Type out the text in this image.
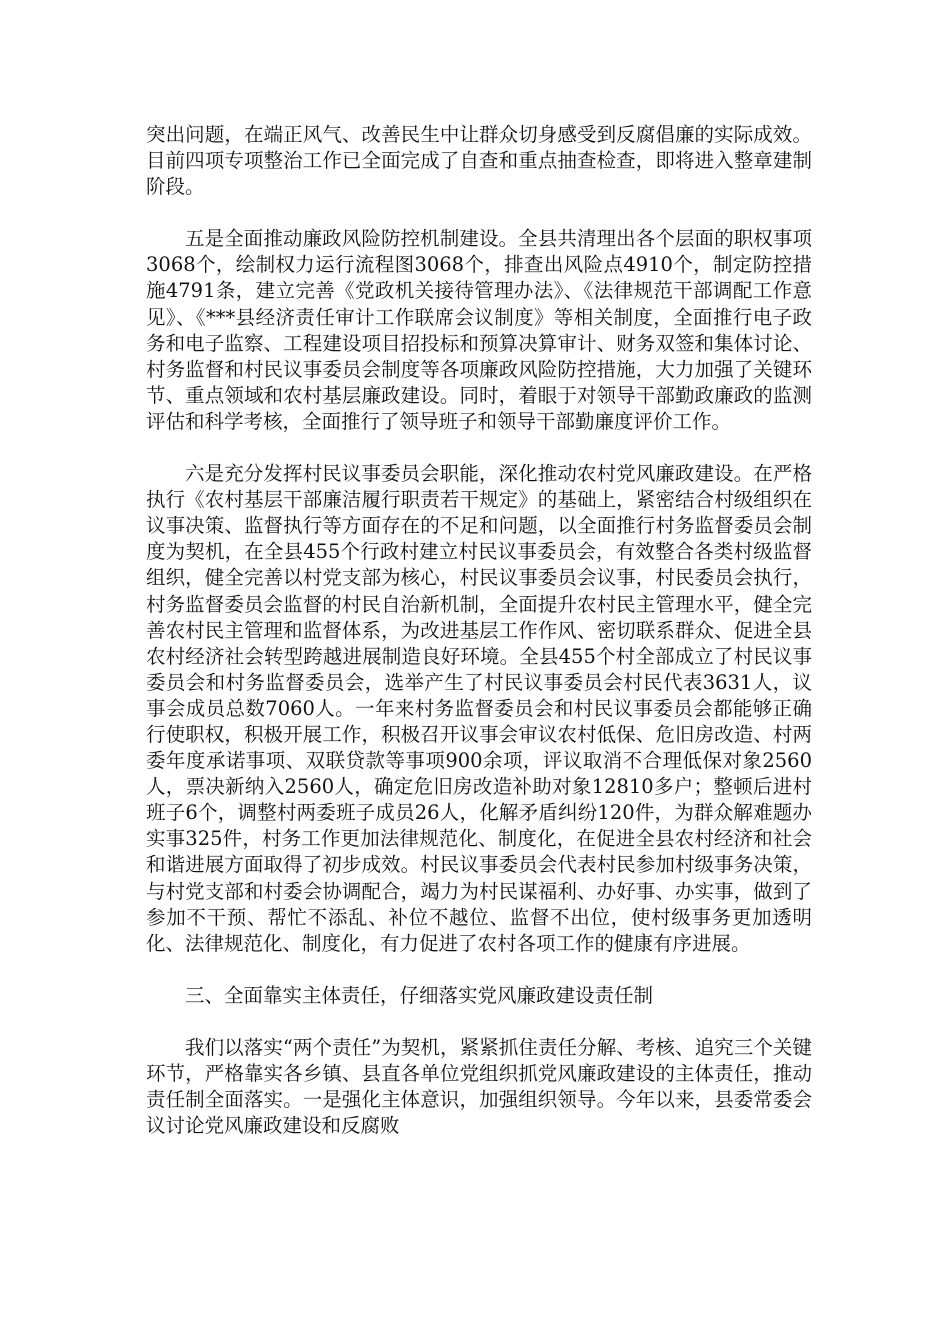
突出问题，在端正风气、改善民生中让群众切身感受到反腐倡廉的实际成效。目前四项专项整治工作已全面完成了自查和重点抽查检查，即将进入整章建制阶段。

五是全面推动廉政风险防控机制建设。全县共清理出各个层面的职权事项3068个，绘制权力运行流程图3068个，排查出风险点4910个，制定防控措施4791条，建立完善《党政机关接待管理办法》、《法律规范干部调配工作意见》、《***县经济责任审计工作联席会议制度》等相关制度，全面推行电子政务和电子监察、工程建设项目招投标和预算决算审计、财务双签和集体讨论、村务监督和村民议事委员会制度等各项廉政风险防控措施，大力加强了关键环节、重点领域和农村基层廉政建设。同时，着眼于对领导干部勤政廉政的监测评估和科学考核，全面推行了领导班子和领导干部勤廉度评价工作。

六是充分发挥村民议事委员会职能，深化推动农村党风廉政建设。在严格执行《农村基层干部廉洁履行职责若干规定》的基础上，紧密结合村级组织在议事决策、监督执行等方面存在的不足和问题，以全面推行村务监督委员会制度为契机，在全县455个行政村建立村民议事委员会，有效整合各类村级监督组织，健全完善以村党支部为核心，村民议事委员会议事，村民委员会执行，村务监督委员会监督的村民自治新机制，全面提升农村民主管理水平，健全完善农村民主管理和监督体系，为改进基层工作作风、密切联系群众、促进全县农村经济社会转型跨越进展制造良好环境。全县455个村全部成立了村民议事委员会和村务监督委员会，选举产生了村民议事委员会村民代表3631人，议事会成员总数7060人。一年来村务监督委员会和村民议事委员会都能够正确行使职权，积极开展工作，积极召开议事会审议农村低保、危旧房改造、村两委年度承诺事项、双联贷款等事项900余项，评议取消不合理低保对象2560人，票决新纳入2560人，确定危旧房改造补助对象12810多户；整顿后进村班子6个，调整村两委班子成员26人，化解矛盾纠纷120件，为群众解难题办实事325件，村务工作更加法律规范化、制度化，在促进全县农村经济和社会和谐进展方面取得了初步成效。村民议事委员会代表村民参加村级事务决策，与村党支部和村委会协调配合，竭力为村民谋福利、办好事、办实事，做到了参加不干预、帮忙不添乱、补位不越位、监督不出位，使村级事务更加透明化、法律规范化、制度化，有力促进了农村各项工作的健康有序进展。

三、全面靠实主体责任，仔细落实党风廉政建设责任制

我们以落实“两个责任”为契机，紧紧抓住责任分解、考核、追究三个关键环节，严格靠实各乡镇、县直各单位党组织抓党风廉政建设的主体责任，推动责任制全面落实。一是强化主体意识，加强组织领导。今年以来，县委常委会议讨论党风廉政建设和反腐败
